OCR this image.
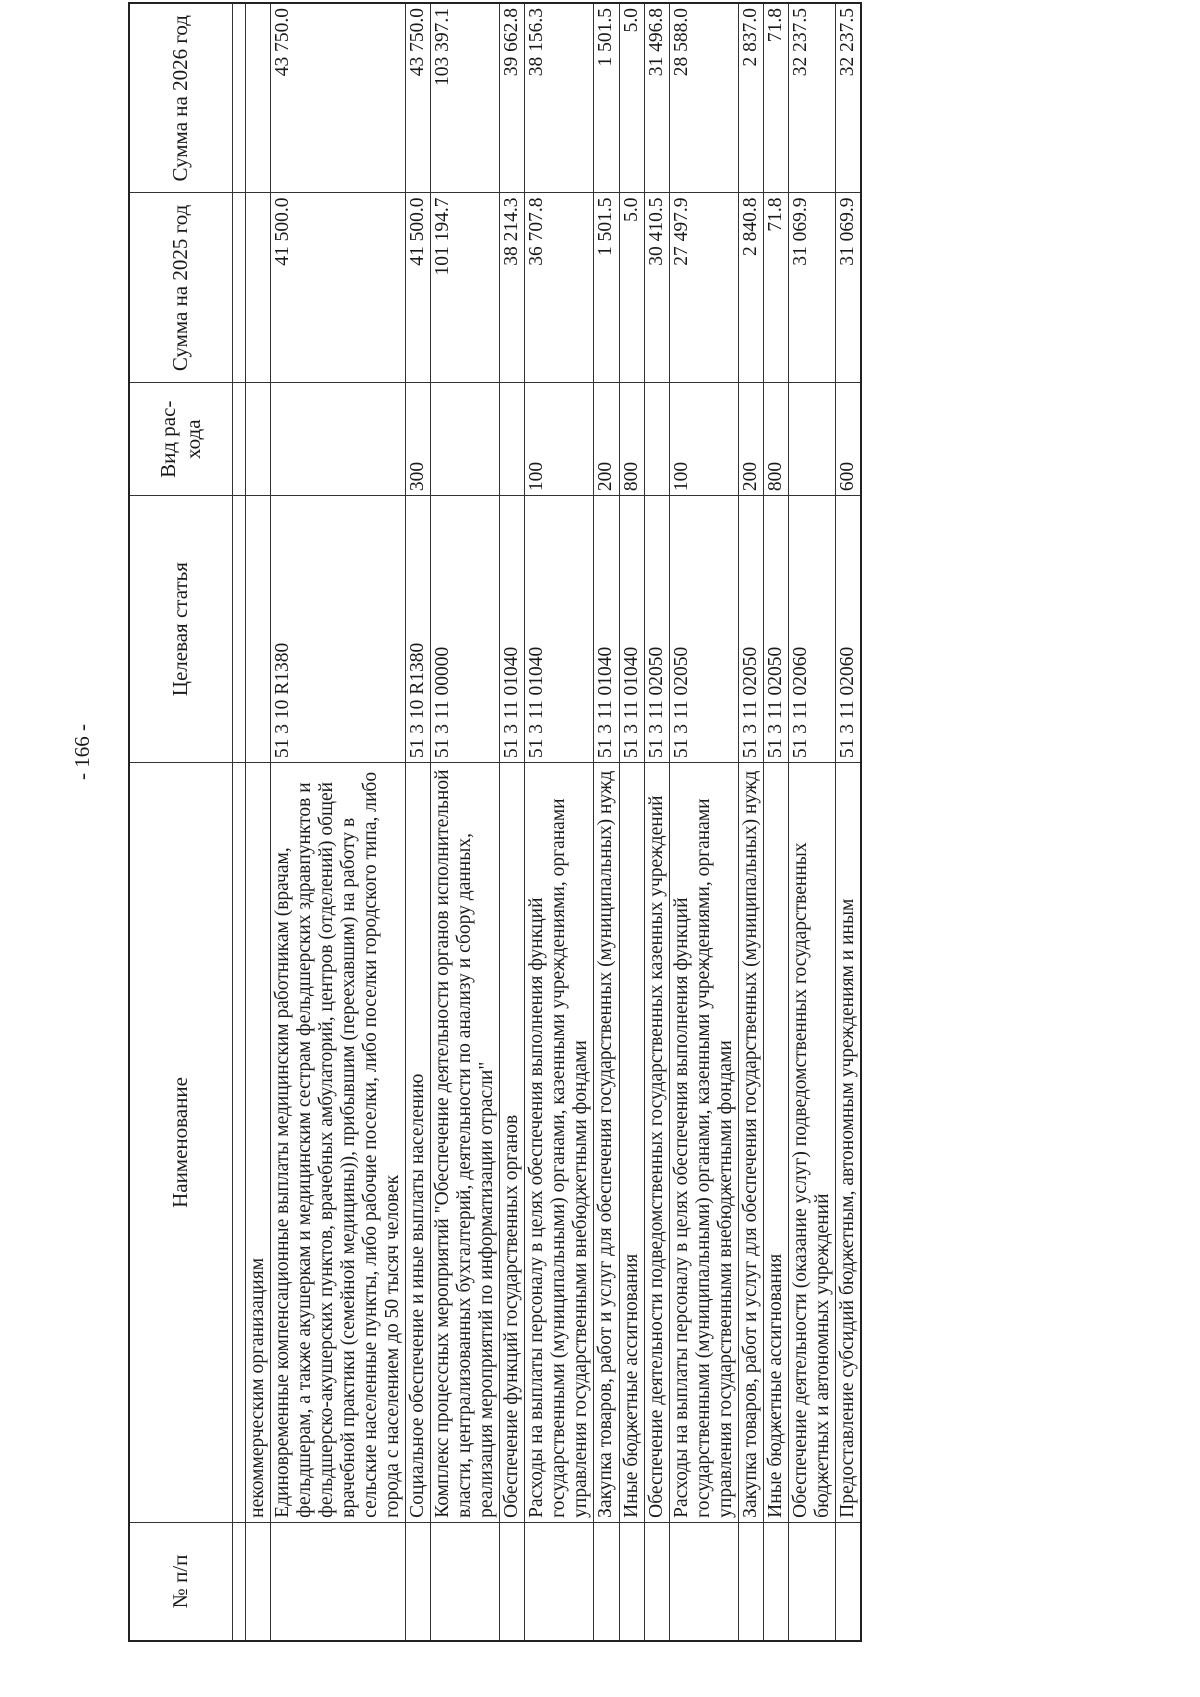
- 166 -
№ п/п	Наименование	Целевая статья	Вид рас- хода	Сумма на 2025 год	Сумма на 2026 год

	некоммерческим организациям				
	Единовременные компенсационные выплаты медицинским работникам (врачам, фельдшерам, а также акушеркам и медицинским сестрам фельдшерских здравпунктов и фельдшерско-акушерских пунктов, врачебных амбулаторий, центров (отделений) общей врачебной практики (семейной медицины)), прибывшим (переехавшим) на работу в сельские населенные пункты, либо рабочие поселки, либо поселки городского типа, либо города с населением до 50 тысяч человек	51 3 10 R1380		41 500.0	43 750.0
	Социальное обеспечение и иные выплаты населению	51 3 10 R1380	300	41 500.0	43 750.0
	Комплекс процессных мероприятий "Обеспечение деятельности органов исполнительной власти, централизованных бухгалтерий, деятельности по анализу и сбору данных, реализация мероприятий по информатизации отрасли"	51 3 11 00000		101 194.7	103 397.1
	Обеспечение функций государственных органов	51 3 11 01040		38 214.3	39 662.8
	Расходы на выплаты персоналу в целях обеспечения выполнения функций государственными (муниципальными) органами, казенными учреждениями, органами управления государственными внебюджетными фондами	51 3 11 01040	100	36 707.8	38 156.3
	Закупка товаров, работ и услуг для обеспечения государственных (муниципальных) нужд	51 3 11 01040	200	1 501.5	1 501.5
	Иные бюджетные ассигнования	51 3 11 01040	800	5.0	5.0
	Обеспечение деятельности подведомственных государственных казенных учреждений	51 3 11 02050		30 410.5	31 496.8
	Расходы на выплаты персоналу в целях обеспечения выполнения функций государственными (муниципальными) органами, казенными учреждениями, органами управления государственными внебюджетными фондами	51 3 11 02050	100	27 497.9	28 588.0
	Закупка товаров, работ и услуг для обеспечения государственных (муниципальных) нужд	51 3 11 02050	200	2 840.8	2 837.0
	Иные бюджетные ассигнования	51 3 11 02050	800	71.8	71.8
	Обеспечение деятельности (оказание услуг) подведомственных государственных бюджетных и автономных учреждений	51 3 11 02060		31 069.9	32 237.5
	Предоставление субсидий бюджетным, автономным учреждениям и иным	51 3 11 02060	600	31 069.9	32 237.5
